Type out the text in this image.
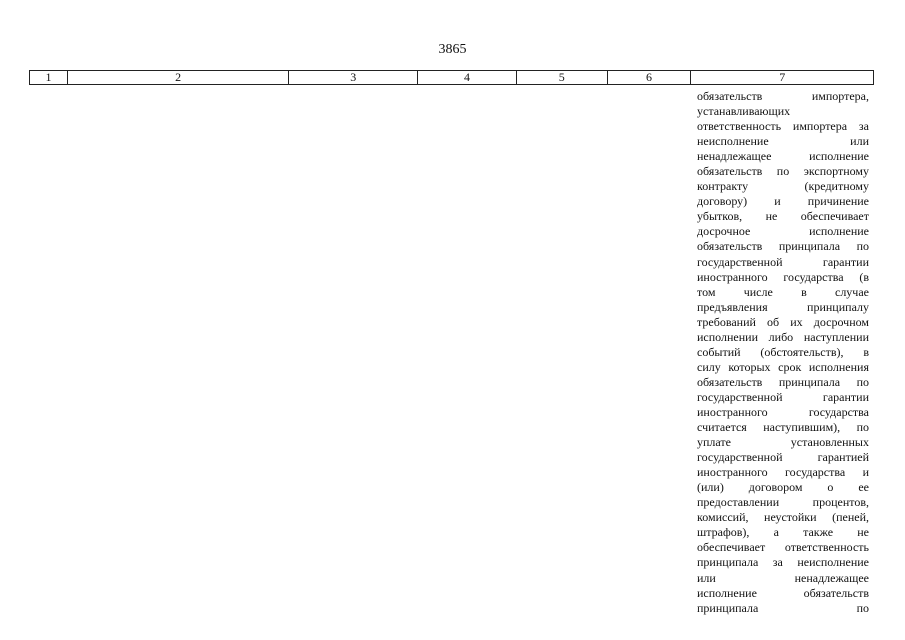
3865
1	2	3	4	5	6	7
обязательств импортера,
устанавливающих
ответственность импортера за
неисполнение или
ненадлежащее исполнение
обязательств по экспортному
контракту (кредитному
договору) и причинение
убытков, не обеспечивает
досрочное исполнение
обязательств принципала по
государственной гарантии
иностранного государства (в
том числе в случае
предъявления принципалу
требований об их досрочном
исполнении либо наступлении
событий (обстоятельств), в
силу которых срок исполнения
обязательств принципала по
государственной гарантии
иностранного государства
считается наступившим), по
уплате установленных
государственной гарантией
иностранного государства и
(или) договором о ее
предоставлении процентов,
комиссий, неустойки (пеней,
штрафов), а также не
обеспечивает ответственность
принципала за неисполнение
или ненадлежащее
исполнение обязательств
принципала по
